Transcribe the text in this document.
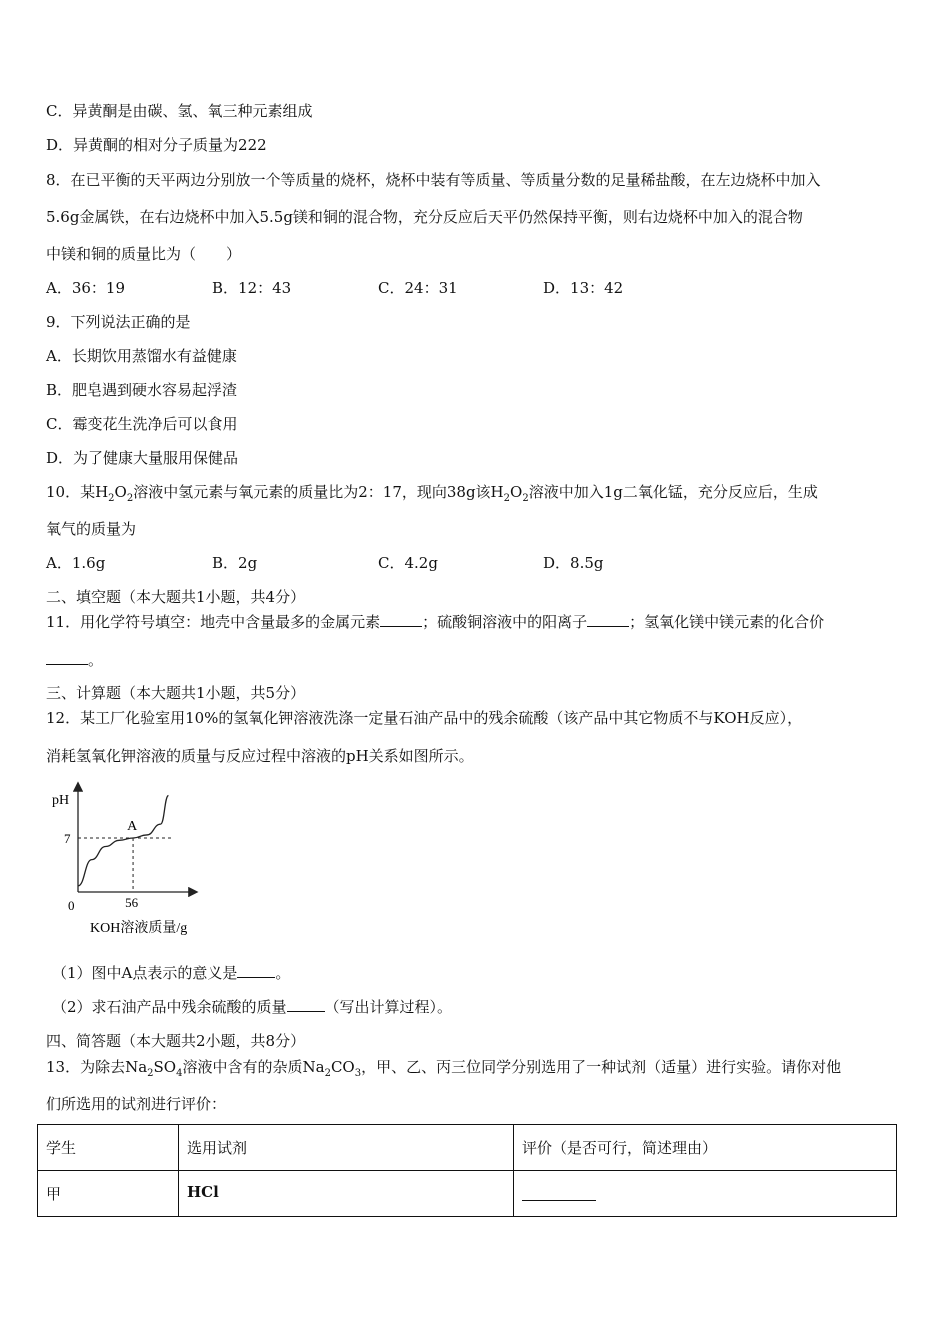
C．异黄酮是由碳、氢、氧三种元素组成
D．异黄酮的相对分子质量为222
8．在已平衡的天平两边分别放一个等质量的烧杯，烧杯中装有等质量、等质量分数的足量稀盐酸，在左边烧杯中加入
5.6g金属铁，在右边烧杯中加入5.5g镁和铜的混合物，充分反应后天平仍然保持平衡，则右边烧杯中加入的混合物
中镁和铜的质量比为（　　）
A．36：19	B．12：43	C．24：31	D．13：42
9．下列说法正确的是
A．长期饮用蒸馏水有益健康
B．肥皂遇到硬水容易起浮渣
C．霉变花生洗净后可以食用
D．为了健康大量服用保健品
10．某$H_2O_2$溶液中氢元素与氧元素的质量比为2：17，现向38g该$H_2O_2$溶液中加入1g二氧化锰，充分反应后，生成
氧气的质量为
A．1.6g	B．2g	C．4.2g	D．8.5g
二、填空题（本大题共1小题，共4分）
11．用化学符号填空：地壳中含量最多的金属元素	；硫酸铜溶液中的阳离子	；氢氧化镁中镁元素的化合价
。
三、计算题（本大题共1小题，共5分）
12．某工厂化验室用10%的氢氧化钾溶液洗涤一定量石油产品中的残余硫酸（该产品中其它物质不与KOH反应），
消耗氢氧化钾溶液的质量与反应过程中溶液的pH关系如图所示。
pH
7
56
0
A
KOH溶液质量/g
（1）图中A点表示的意义是	。
（2）求石油产品中残余硫酸的质量	（写出计算过程）。
四、简答题（本大题共2小题，共8分）
13．为除去$Na_2SO_4$溶液中含有的杂质$Na_2CO_3$，甲、乙、丙三位同学分别选用了一种试剂（适量）进行实验。请你对他
们所选用的试剂进行评价：
学生	选用试剂	评价（是否可行，简述理由）
甲	HCl	
